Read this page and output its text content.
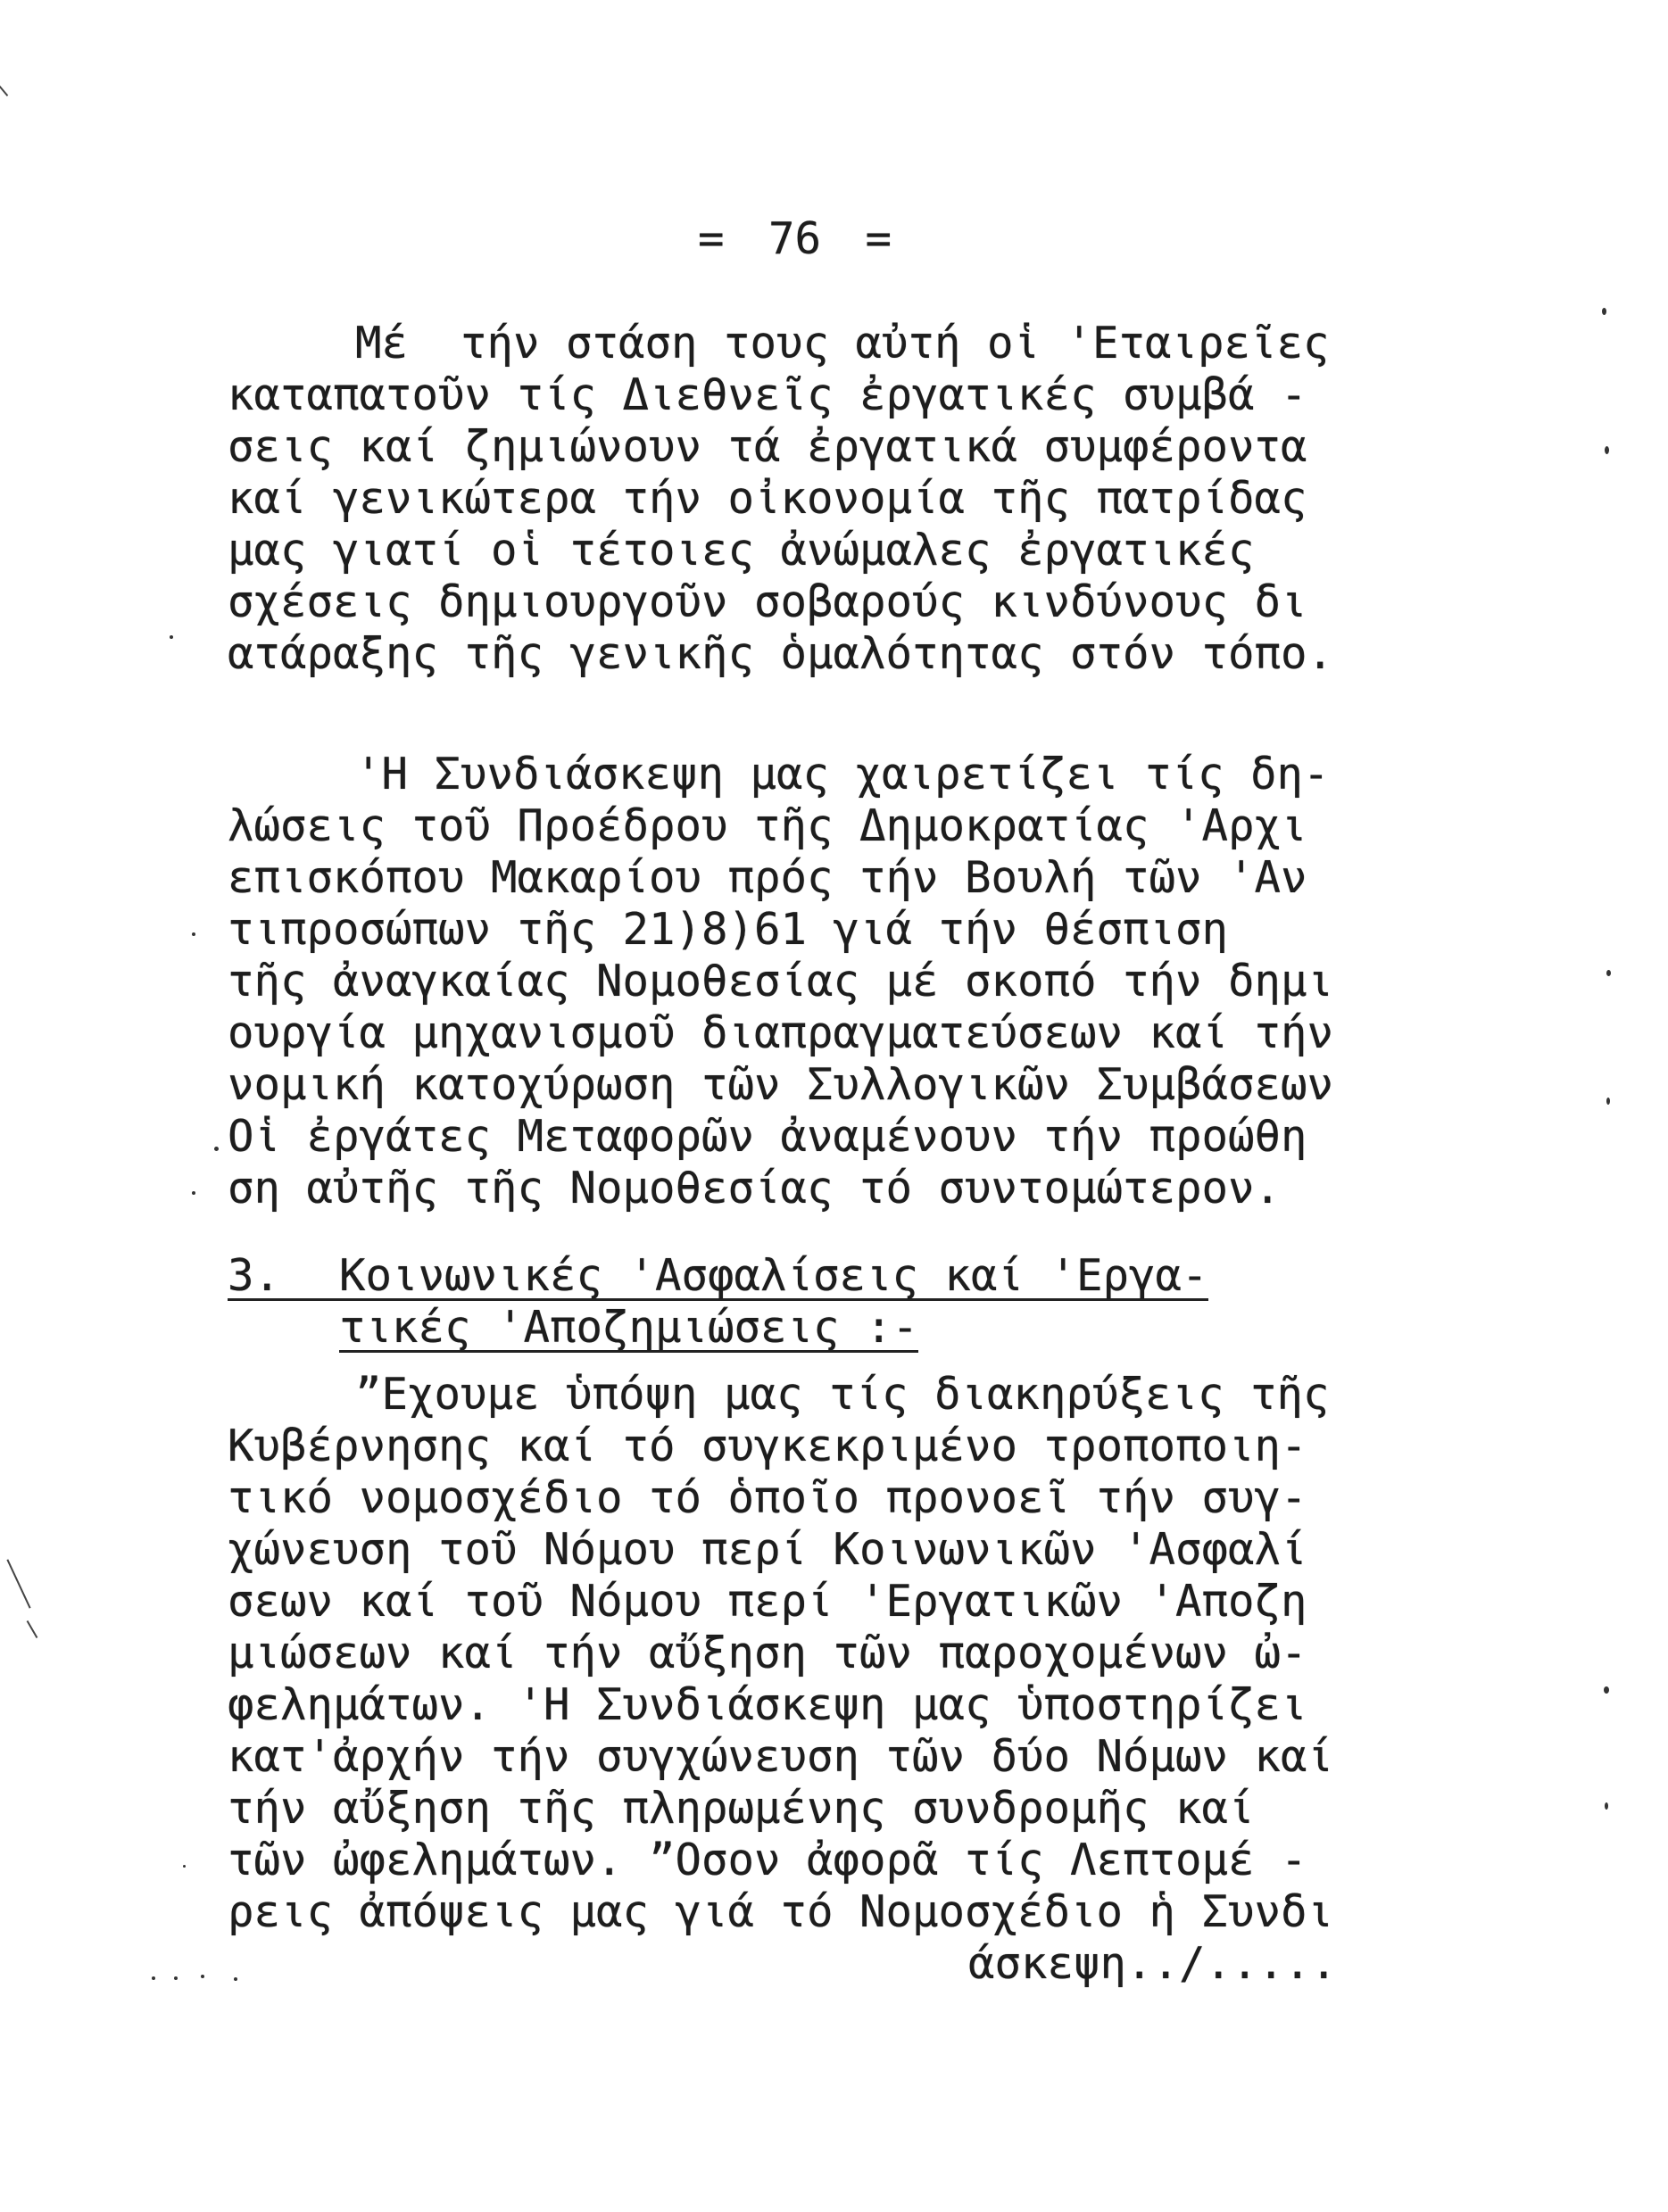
= 76 =
Μέ  τήν στάση τους αὐτή οἱ 'Εταιρεῖες
καταπατοῦν τίς Διεθνεῖς ἐργατικές συμβά -
σεις καί ζημιώνουν τά ἐργατικά συμφέροντα
καί γενικώτερα τήν οἰκονομία τῆς πατρίδας
μας γιατί οἱ τέτοιες ἀνώμαλες ἐργατικές
σχέσεις δημιουργοῦν σοβαρούς κινδύνους δι
ατάραξης τῆς γενικῆς ὁμαλότητας στόν τόπο.
'Η Συνδιάσκεψη μας χαιρετίζει τίς δη-
λώσεις τοῦ Προέδρου τῆς Δημοκρατίας 'Αρχι
επισκόπου Μακαρίου πρός τήν Βουλή τῶν 'Αν
τιπροσώπων τῆς 21)8)61 γιά τήν θέσπιση
τῆς ἀναγκαίας Νομοθεσίας μέ σκοπό τήν δημι
ουργία μηχανισμοῦ διαπραγματεύσεων καί τήν
νομική κατοχύρωση τῶν Συλλογικῶν Συμβάσεων
Οἱ ἐργάτες Μεταφορῶν ἀναμένουν τήν προώθη
ση αὐτῆς τῆς Νομοθεσίας τό συντομώτερον.
3. Κοινωνικές 'Ασφαλίσεις καί 'Εργα-
τικές 'Αποζημιώσεις :-
”Εχουμε ὑπόψη μας τίς διακηρύξεις τῆς
Κυβέρνησης καί τό συγκεκριμένο τροποποιη-
τικό νομοσχέδιο τό ὁποῖο προνοεῖ τήν συγ-
χώνευση τοῦ Νόμου περί Κοινωνικῶν 'Ασφαλί
σεων καί τοῦ Νόμου περί 'Εργατικῶν 'Αποζη
μιώσεων καί τήν αὔξηση τῶν παροχομένων ὠ-
φελημάτων. 'Η Συνδιάσκεψη μας ὑποστηρίζει
κατ'ἀρχήν τήν συγχώνευση τῶν δύο Νόμων καί
τήν αὔξηση τῆς πληρωμένης συνδρομῆς καί
τῶν ὠφελημάτων. ”Οσον ἀφορᾶ τίς Λεπτομέ -
ρεις ἀπόψεις μας γιά τό Νομοσχέδιο ἡ Συνδι
άσκεψη../.....
